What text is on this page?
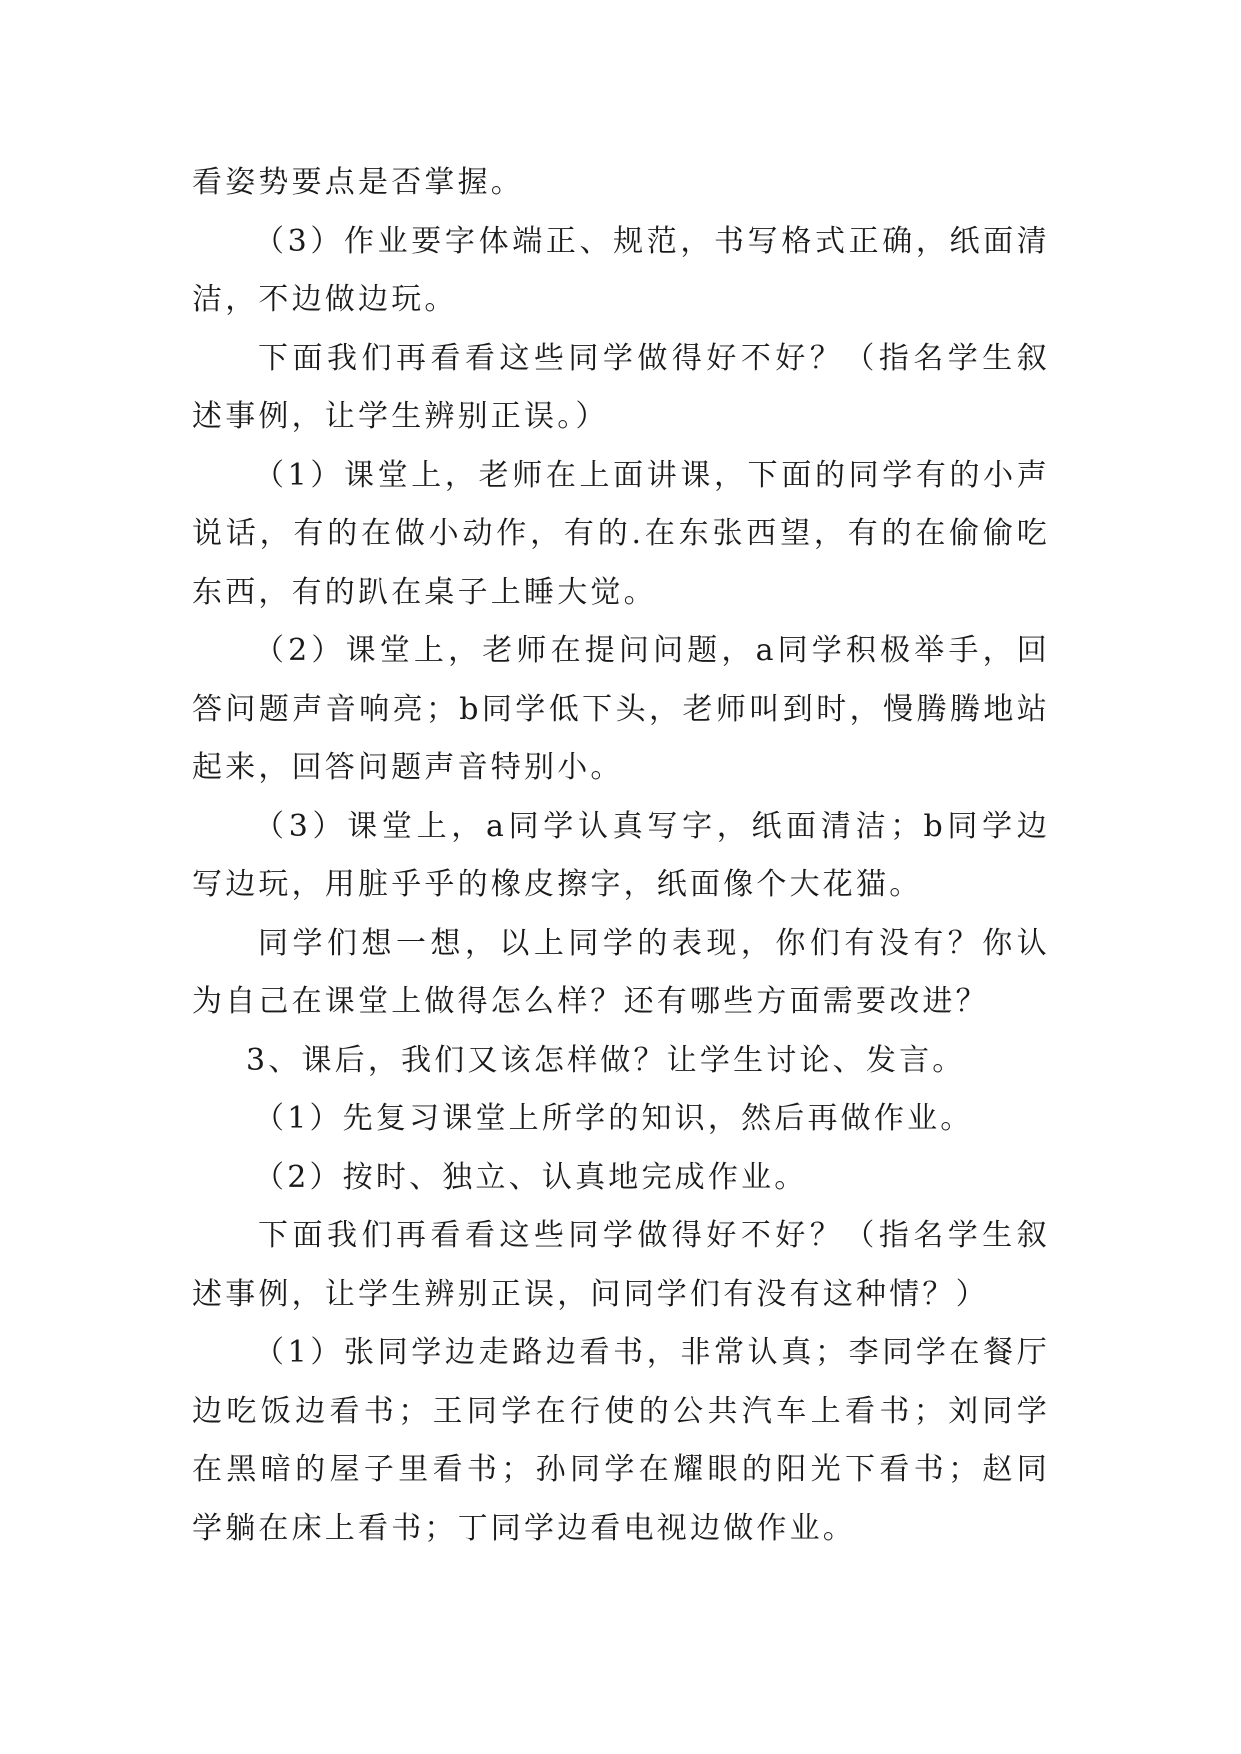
看姿势要点是否掌握。

（3）作业要字体端正、规范，书写格式正确，纸面清洁，不边做边玩。

下面我们再看看这些同学做得好不好？（指名学生叙述事例，让学生辨别正误。）

（1）课堂上，老师在上面讲课，下面的同学有的小声说话，有的在做小动作，有的.在东张西望，有的在偷偷吃东西，有的趴在桌子上睡大觉。

（2）课堂上，老师在提问问题，a同学积极举手，回答问题声音响亮；b同学低下头，老师叫到时，慢腾腾地站起来，回答问题声音特别小。

（3）课堂上，a同学认真写字，纸面清洁；b同学边写边玩，用脏乎乎的橡皮擦字，纸面像个大花猫。

同学们想一想，以上同学的表现，你们有没有？你认为自己在课堂上做得怎么样？还有哪些方面需要改进？

3、课后，我们又该怎样做？让学生讨论、发言。

（1）先复习课堂上所学的知识，然后再做作业。

（2）按时、独立、认真地完成作业。

下面我们再看看这些同学做得好不好？（指名学生叙述事例，让学生辨别正误，问同学们有没有这种情？）

（1）张同学边走路边看书，非常认真；李同学在餐厅边吃饭边看书；王同学在行使的公共汽车上看书；刘同学在黑暗的屋子里看书；孙同学在耀眼的阳光下看书；赵同学躺在床上看书；丁同学边看电视边做作业。
